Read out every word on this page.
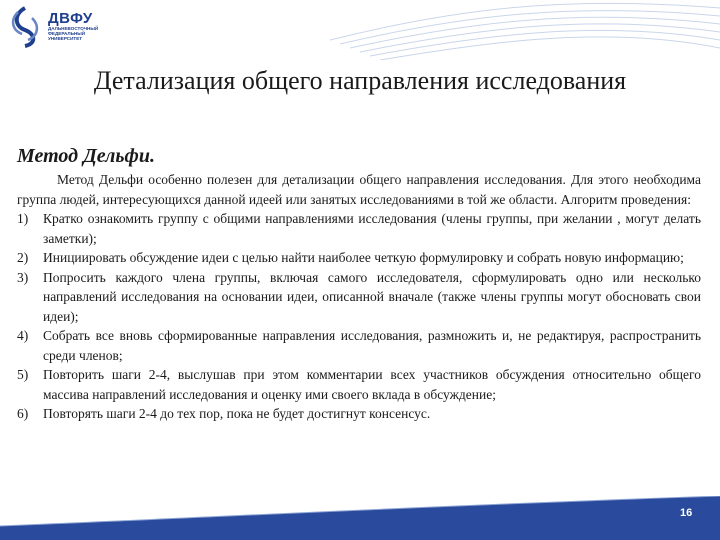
ДВФУ
ДАЛЬНЕВОСТОЧНЫЙ ФЕДЕРАЛЬНЫЙ УНИВЕРСИТЕТ
Детализация общего направления исследования
Метод Дельфи.

Метод Дельфи особенно полезен для детализации общего направления исследования. Для этого необходима группа людей, интересующихся данной идеей или занятых исследованиями в той же области. Алгоритм проведения:

1) Кратко ознакомить группу с общими направлениями исследования (члены группы, при желании , могут делать заметки);
2) Инициировать обсуждение идеи с целью найти наиболее четкую формулировку и собрать новую информацию;
3) Попросить каждого члена группы, включая самого исследователя, сформулировать одно или несколько направлений исследования на основании идеи, описанной вначале (также члены группы могут обосновать свои идеи);
4) Собрать все вновь сформированные направления исследования, размножить и, не редактируя, распространить среди членов;
5) Повторить шаги 2-4, выслушав при этом комментарии всех участников обсуждения относительно общего массива направлений исследования и оценку ими своего вклада в обсуждение;
6) Повторять шаги 2-4 до тех пор, пока не будет достигнут консенсус.
16
